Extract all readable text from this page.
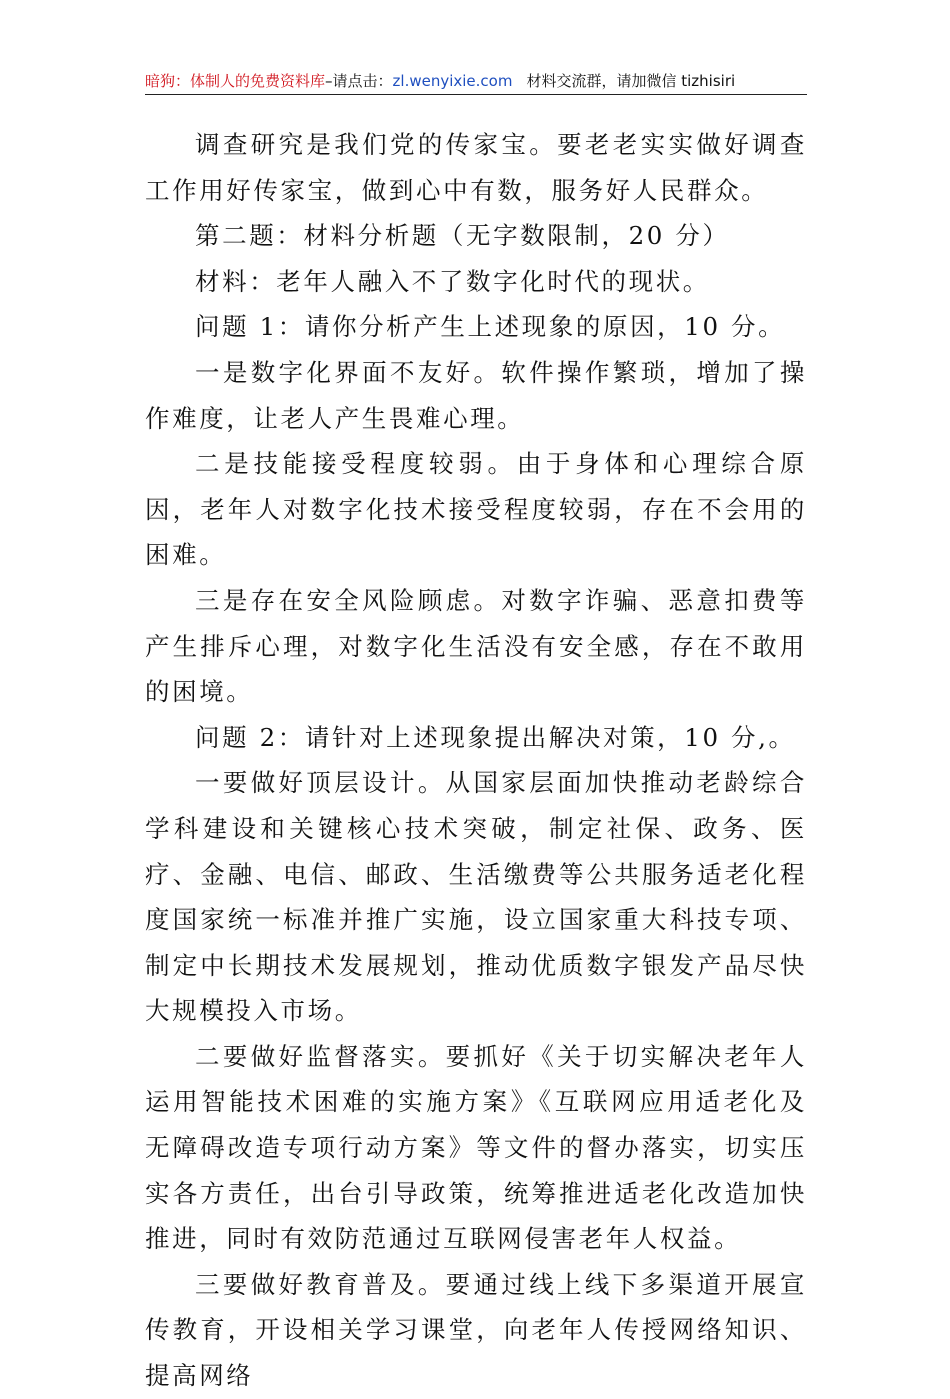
暗狗：体制人的免费资料库–请点击：zl.wenyixie.com 材料交流群，请加微信 tizhisiri

调查研究是我们党的传家宝。要老老实实做好调查工作用好传家宝，做到心中有数，服务好人民群众。

第二题：材料分析题（无字数限制，20 分）

材料：老年人融入不了数字化时代的现状。

问题 1：请你分析产生上述现象的原因，10 分。

一是数字化界面不友好。软件操作繁琐，增加了操作难度，让老人产生畏难心理。

二是技能接受程度较弱。由于身体和心理综合原因，老年人对数字化技术接受程度较弱，存在不会用的困难。

三是存在安全风险顾虑。对数字诈骗、恶意扣费等产生排斥心理，对数字化生活没有安全感，存在不敢用的困境。

问题 2：请针对上述现象提出解决对策，10 分,。

一要做好顶层设计。从国家层面加快推动老龄综合学科建设和关键核心技术突破，制定社保、政务、医疗、金融、电信、邮政、生活缴费等公共服务适老化程度国家统一标准并推广实施，设立国家重大科技专项、制定中长期技术发展规划，推动优质数字银发产品尽快大规模投入市场。

二要做好监督落实。要抓好《关于切实解决老年人运用智能技术困难的实施方案》《互联网应用适老化及无障碍改造专项行动方案》等文件的督办落实，切实压实各方责任，出台引导政策，统筹推进适老化改造加快推进，同时有效防范通过互联网侵害老年人权益。

三要做好教育普及。要通过线上线下多渠道开展宣传教育，开设相关学习课堂，向老年人传授网络知识、提高网络
